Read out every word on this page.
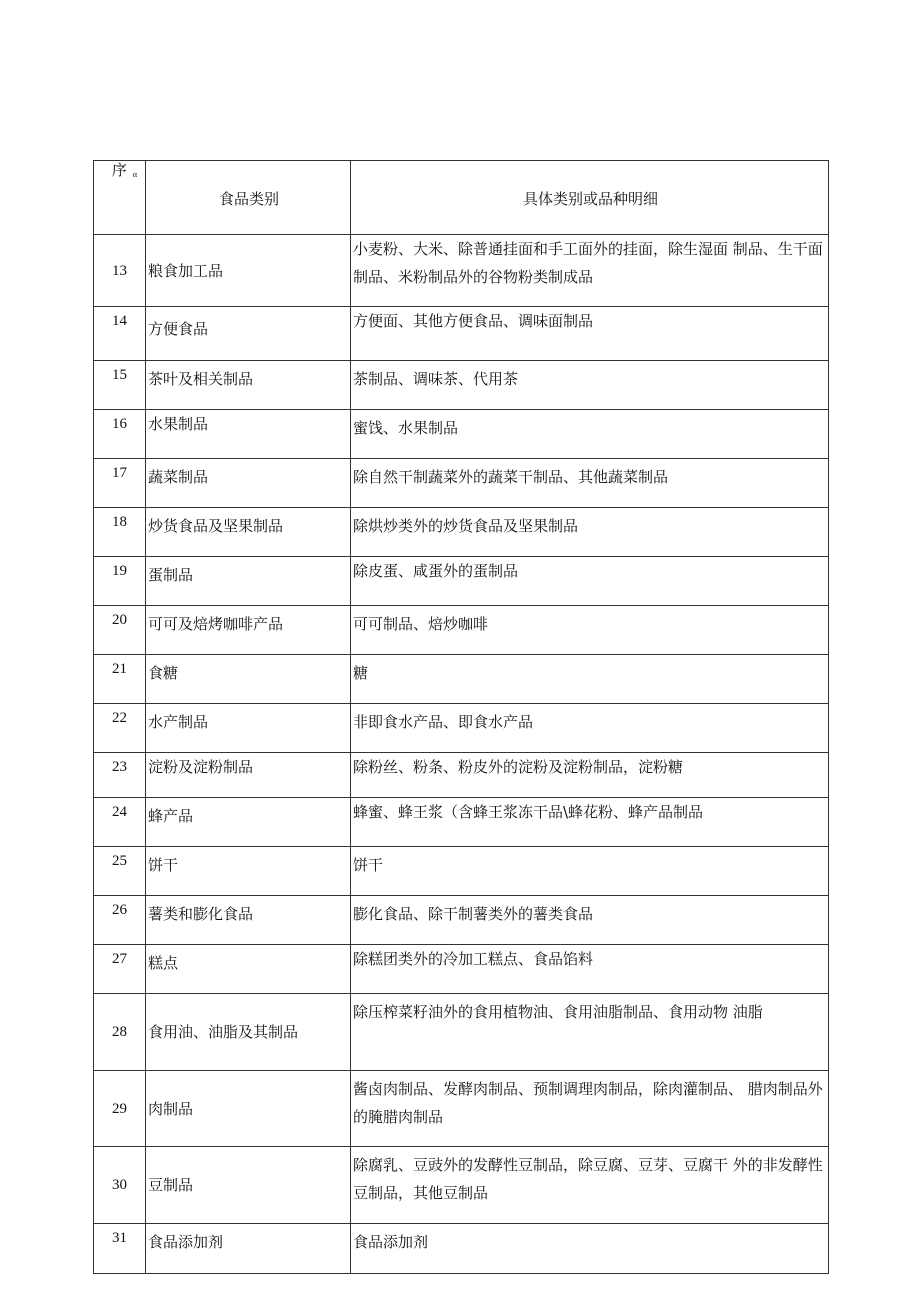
序 $_\alpha$	食品类别	具体类别或品种明细
13	粮食加工品	小麦粉、大米、除普通挂面和手工面外的挂面，除生湿面 制品、生干面制品、米粉制品外的谷物粉类制成品
14	方便食品	方便面、其他方便食品、调味面制品
15	茶叶及相关制品	茶制品、调味茶、代用茶
16	水果制品	蜜饯、水果制品
17	蔬菜制品	除自然干制蔬菜外的蔬菜干制品、其他蔬菜制品
18	炒货食品及坚果制品	除烘炒类外的炒货食品及坚果制品
19	蛋制品	除皮蛋、咸蛋外的蛋制品
20	可可及焙烤咖啡产品	可可制品、焙炒咖啡
21	食糖	糖
22	水产制品	非即食水产品、即食水产品
23	淀粉及淀粉制品	除粉丝、粉条、粉皮外的淀粉及淀粉制品，淀粉糖
24	蜂产品	蜂蜜、蜂王浆（含蜂王浆冻干品\蜂花粉、蜂产品制品
25	饼干	饼干
26	薯类和膨化食品	膨化食品、除干制薯类外的薯类食品
27	糕点	除糕团类外的冷加工糕点、食品馅料
28	食用油、油脂及其制品	除压榨菜籽油外的食用植物油、食用油脂制品、食用动物 油脂
29	肉制品	酱卤肉制品、发酵肉制品、预制调理肉制品，除肉灌制品、 腊肉制品外的腌腊肉制品
30	豆制品	除腐乳、豆豉外的发酵性豆制品，除豆腐、豆芽、豆腐干 外的非发酵性豆制品，其他豆制品
31	食品添加剂	食品添加剂
